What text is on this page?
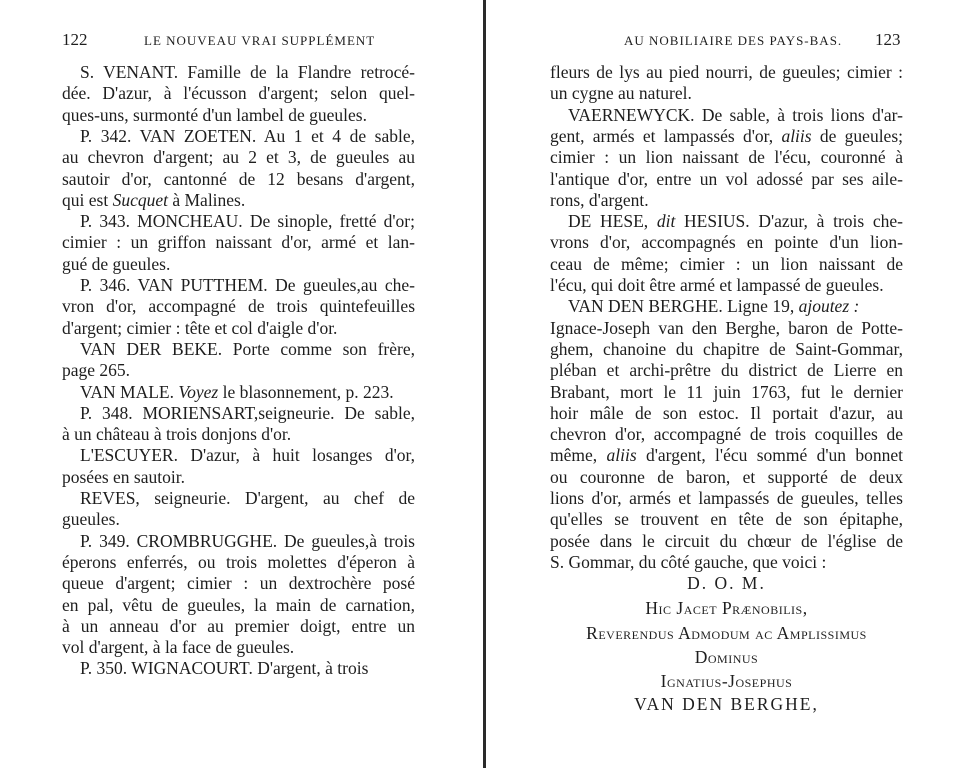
122	LE NOUVEAU VRAI SUPPLÉMENT
S. VENANT. Famille de la Flandre retrocé-
dée. D'azur, à l'écusson d'argent; selon quel-
ques-uns, surmonté d'un lambel de gueules.
P. 342. VAN ZOETEN. Au 1 et 4 de sable,
au chevron d'argent; au 2 et 3, de gueules au
sautoir d'or, cantonné de 12 besans d'argent,
qui est Sucquet à Malines.
P. 343. MONCHEAU. De sinople, fretté d'or;
cimier : un griffon naissant d'or, armé et lan-
gué de gueules.
P. 346. VAN PUTTHEM. De gueules,au che-
vron d'or, accompagné de trois quintefeuilles
d'argent; cimier : tête et col d'aigle d'or.
VAN DER BEKE. Porte comme son frère,
page 265.
VAN MALE. Voyez le blasonnement, p. 223.
P. 348. MORIENSART,seigneurie. De sable,
à un château à trois donjons d'or.
L'ESCUYER. D'azur, à huit losanges d'or,
posées en sautoir.
REVES, seigneurie. D'argent, au chef de
gueules.
P. 349. CROMBRUGGHE. De gueules,à trois
éperons enferrés, ou trois molettes d'éperon à
queue d'argent; cimier : un dextrochère posé
en pal, vêtu de gueules, la main de carnation,
à un anneau d'or au premier doigt, entre un
vol d'argent, à la face de gueules.
P. 350. WIGNACOURT. D'argent, à trois
AU NOBILIAIRE DES PAYS-BAS. 123
fleurs de lys au pied nourri, de gueules; cimier :
un cygne au naturel.
VAERNEWYCK. De sable, à trois lions d'ar-
gent, armés et lampassés d'or, aliis de gueules;
cimier : un lion naissant de l'écu, couronné à
l'antique d'or, entre un vol adossé par ses aile-
rons, d'argent.
DE HESE, dit HESIUS. D'azur, à trois che-
vrons d'or, accompagnés en pointe d'un lion-
ceau de même; cimier : un lion naissant de
l'écu, qui doit être armé et lampassé de gueules.
VAN DEN BERGHE. Ligne 19, ajoutez :
Ignace-Joseph van den Berghe, baron de Potte-
ghem, chanoine du chapitre de Saint-Gommar,
pléban et archi-prêtre du district de Lierre en
Brabant, mort le 11 juin 1763, fut le dernier
hoir mâle de son estoc. Il portait d'azur, au
chevron d'or, accompagné de trois coquilles de
même, aliis d'argent, l'écu sommé d'un bonnet
ou couronne de baron, et supporté de deux
lions d'or, armés et lampassés de gueules, telles
qu'elles se trouvent en tête de son épitaphe,
posée dans le circuit du chœur de l'église de
S. Gommar, du côté gauche, que voici :
D. O. M.
Hic Jacet Prænobilis,
Reverendus Admodum ac Amplissimus
Dominus
Ignatius-Josephus
VAN DEN BERGHE,
